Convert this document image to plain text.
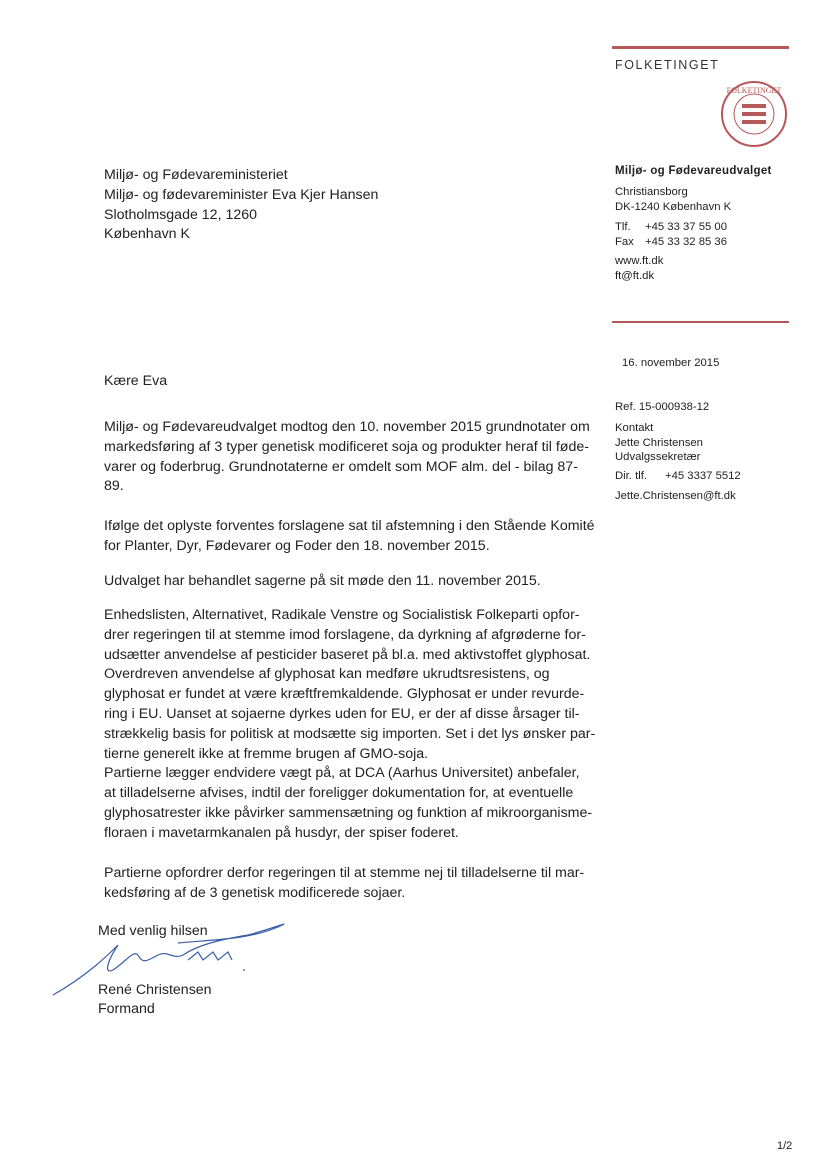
FOLKETINGET
FOLKETINGET
Miljø- og Fødevareudvalget
Christiansborg
DK-1240 København K
Tlf. +45 33 37 55 00
Fax +45 33 32 85 36
www.ft.dk
ft@ft.dk
16. november 2015
Ref. 15-000938-12
Kontakt
Jette Christensen
Udvalgssekretær
Dir. tlf. +45 3337 5512
Jette.Christensen@ft.dk
Miljø- og Fødevareministeriet
Miljø- og fødevareminister Eva Kjer Hansen
Slotholmsgade 12, 1260
København K
Kære Eva
Miljø- og Fødevareudvalget modtog den 10. november 2015 grundnotater om
markedsføring af 3 typer genetisk modificeret soja og produkter heraf til føde-
varer og foderbrug. Grundnotaterne er omdelt som MOF alm. del - bilag 87-
89.
Ifølge det oplyste forventes forslagene sat til afstemning i den Stående Komité
for Planter, Dyr, Fødevarer og Foder den 18. november 2015.
Udvalget har behandlet sagerne på sit møde den 11. november 2015.
Enhedslisten, Alternativet, Radikale Venstre og Socialistisk Folkeparti opfor-
drer regeringen til at stemme imod forslagene, da dyrkning af afgrøderne for-
udsætter anvendelse af pesticider baseret på bl.a. med aktivstoffet glyphosat.
Overdreven anvendelse af glyphosat kan medføre ukrudtsresistens, og
glyphosat er fundet at være kræftfremkaldende. Glyphosat er under revurde-
ring i EU. Uanset at sojaerne dyrkes uden for EU, er der af disse årsager til-
strækkelig basis for politisk at modsætte sig importen. Set i det lys ønsker par-
tierne generelt ikke at fremme brugen af GMO-soja.
Partierne lægger endvidere vægt på, at DCA (Aarhus Universitet) anbefaler,
at tilladelserne afvises, indtil der foreligger dokumentation for, at eventuelle
glyphosatrester ikke påvirker sammensætning og funktion af mikroorganisme-
floraen i mavetarmkanalen på husdyr, der spiser foderet.
Partierne opfordrer derfor regeringen til at stemme nej til tilladelserne til mar-
kedsføring af de 3 genetisk modificerede sojaer.
Med venlig hilsen
René Christensen
Formand
1/2
